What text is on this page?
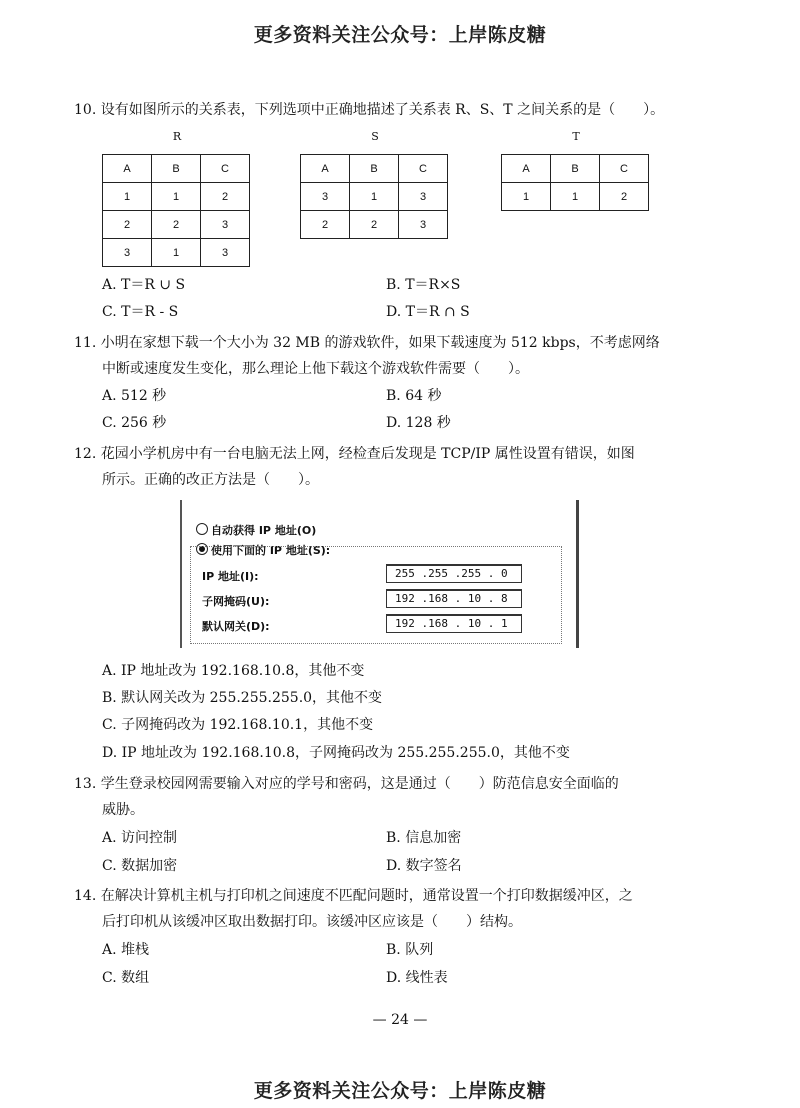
更多资料关注公众号：上岸陈皮糖
10. 设有如图所示的关系表，下列选项中正确地描述了关系表 R、S、T 之间关系的是（　　）。
R	S	T
A	B	C
1	1	2
2	2	3
3	1	3
A	B	C
3	1	3
2	2	3
A	B	C
1	1	2
A. T＝R ∪ S	B. T＝R×S
C. T＝R - S	D. T＝R ∩ S
11. 小明在家想下载一个大小为 32 MB 的游戏软件，如果下载速度为 512 kbps，不考虑网络
中断或速度发生变化，那么理论上他下载这个游戏软件需要（　　）。
A. 512 秒	B. 64 秒
C. 256 秒	D. 128 秒
12. 花园小学机房中有一台电脑无法上网，经检查后发现是 TCP/IP 属性设置有错误，如图
所示。正确的改正方法是（　　）。
自动获得 IP 地址(O)
使用下面的 IP 地址(S):
IP 地址(I):	255 .255 .255 . 0
子网掩码(U):	192 .168 . 10 . 8
默认网关(D):	192 .168 . 10 . 1
A. IP 地址改为 192.168.10.8，其他不变
B. 默认网关改为 255.255.255.0，其他不变
C. 子网掩码改为 192.168.10.1，其他不变
D. IP 地址改为 192.168.10.8，子网掩码改为 255.255.255.0，其他不变
13. 学生登录校园网需要输入对应的学号和密码，这是通过（　　）防范信息安全面临的
威胁。
A. 访问控制	B. 信息加密
C. 数据加密	D. 数字签名
14. 在解决计算机主机与打印机之间速度不匹配问题时，通常设置一个打印数据缓冲区，之
后打印机从该缓冲区取出数据打印。该缓冲区应该是（　　）结构。
A. 堆栈	B. 队列
C. 数组	D. 线性表
— 24 —
更多资料关注公众号：上岸陈皮糖
